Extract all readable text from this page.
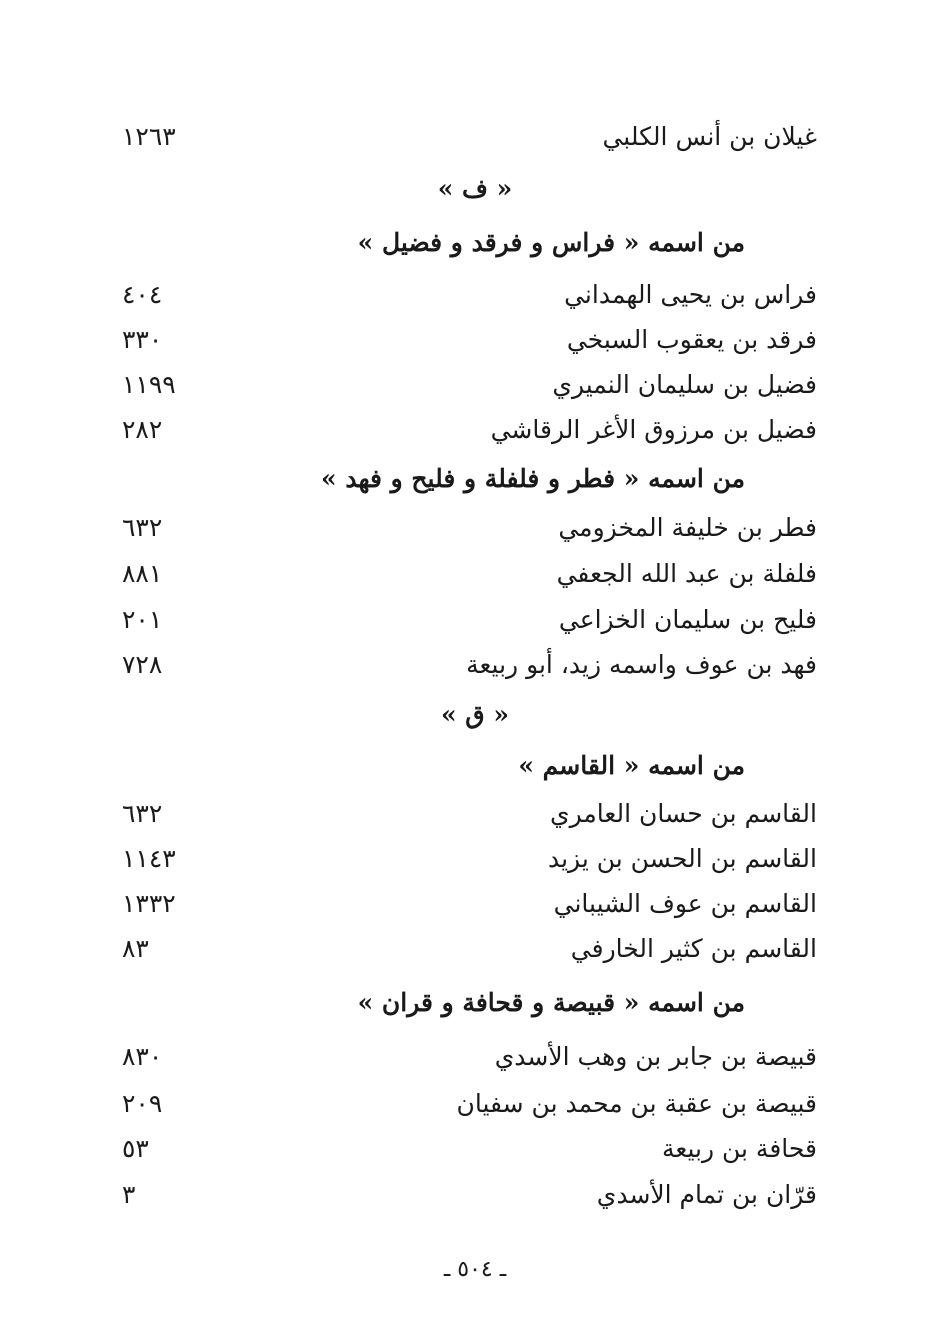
غيلان بن أنس الكلبي
١٢٦٣
« ف »
من اسمه « فراس و فرقد و فضيل »
فراس بن يحيى الهمداني
٤٠٤
فرقد بن يعقوب السبخي
٣٣٠
فضيل بن سليمان النميري
١١٩٩
فضيل بن مرزوق الأغر الرقاشي
٢٨٢
من اسمه « فطر و فلفلة و فليح و فهد »
فطر بن خليفة المخزومي
٦٣٢
فلفلة بن عبد الله الجعفي
٨٨١
فليح بن سليمان الخزاعي
٢٠١
فهد بن عوف واسمه زيد، أبو ربيعة
٧٢٨
« ق »
من اسمه « القاسم »
القاسم بن حسان العامري
٦٣٢
القاسم بن الحسن بن يزيد
١١٤٣
القاسم بن عوف الشيباني
١٣٣٢
القاسم بن كثير الخارفي
٨٣
من اسمه « قبيصة و قحافة و قران »
قبيصة بن جابر بن وهب الأسدي
٨٣٠
قبيصة بن عقبة بن محمد بن سفيان
٢٠٩
قحافة بن ربيعة
٥٣
قرّان بن تمام الأسدي
٣
ـ ٥٠٤ ـ
